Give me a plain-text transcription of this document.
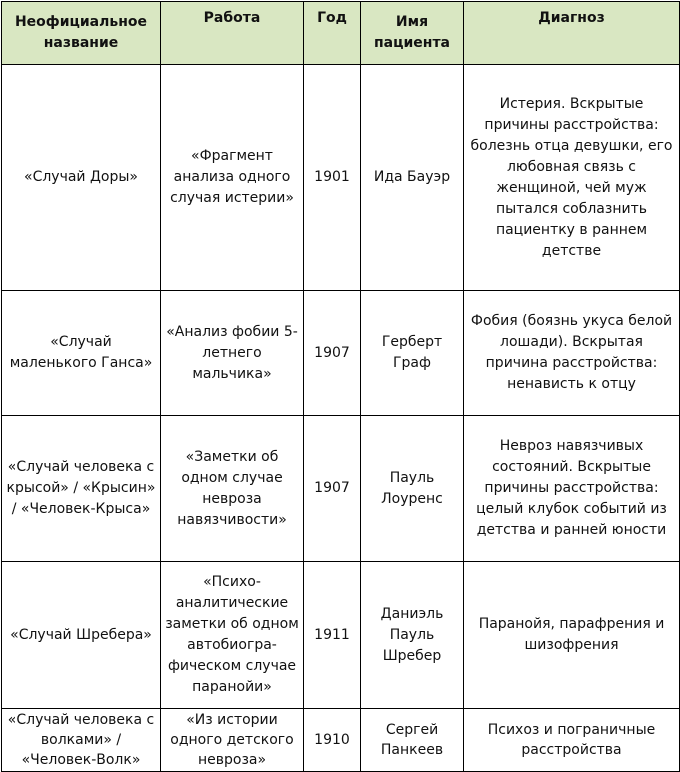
Неофициальное название	Работа	Год	Имя пациента	Диагноз
«Случай Доры»	«Фрагмент анализа одного случая истерии»	1901	Ида Бауэр	Истерия. Вскрытые причины расстройства: болезнь отца девушки, его любовная связь с женщиной, чей муж пытался соблазнить пациентку в раннем детстве
«Случай маленького Ганса»	«Анализ фобии 5-летнего мальчика»	1907	Герберт Граф	Фобия (боязнь укуса белой лошади). Вскрытая причина расстройства: ненависть к отцу
«Случай человека с крысой» / «Крысин» / «Человек-Крыса»	«Заметки об одном случае невроза навязчивости»	1907	Пауль Лоуренс	Невроз навязчивых состояний. Вскрытые причины расстройства: целый клубок событий из детства и ранней юности
«Случай Шребера»	«Психо-аналитические заметки об одном автобиогра-фическом случае паранойи»	1911	Даниэль Пауль Шребер	Паранойя, парафрения и шизофрения
«Случай человека с волками» / «Человек-Волк»	«Из истории одного детского невроза»	1910	Сергей Панкеев	Психоз и пограничные расстройства
